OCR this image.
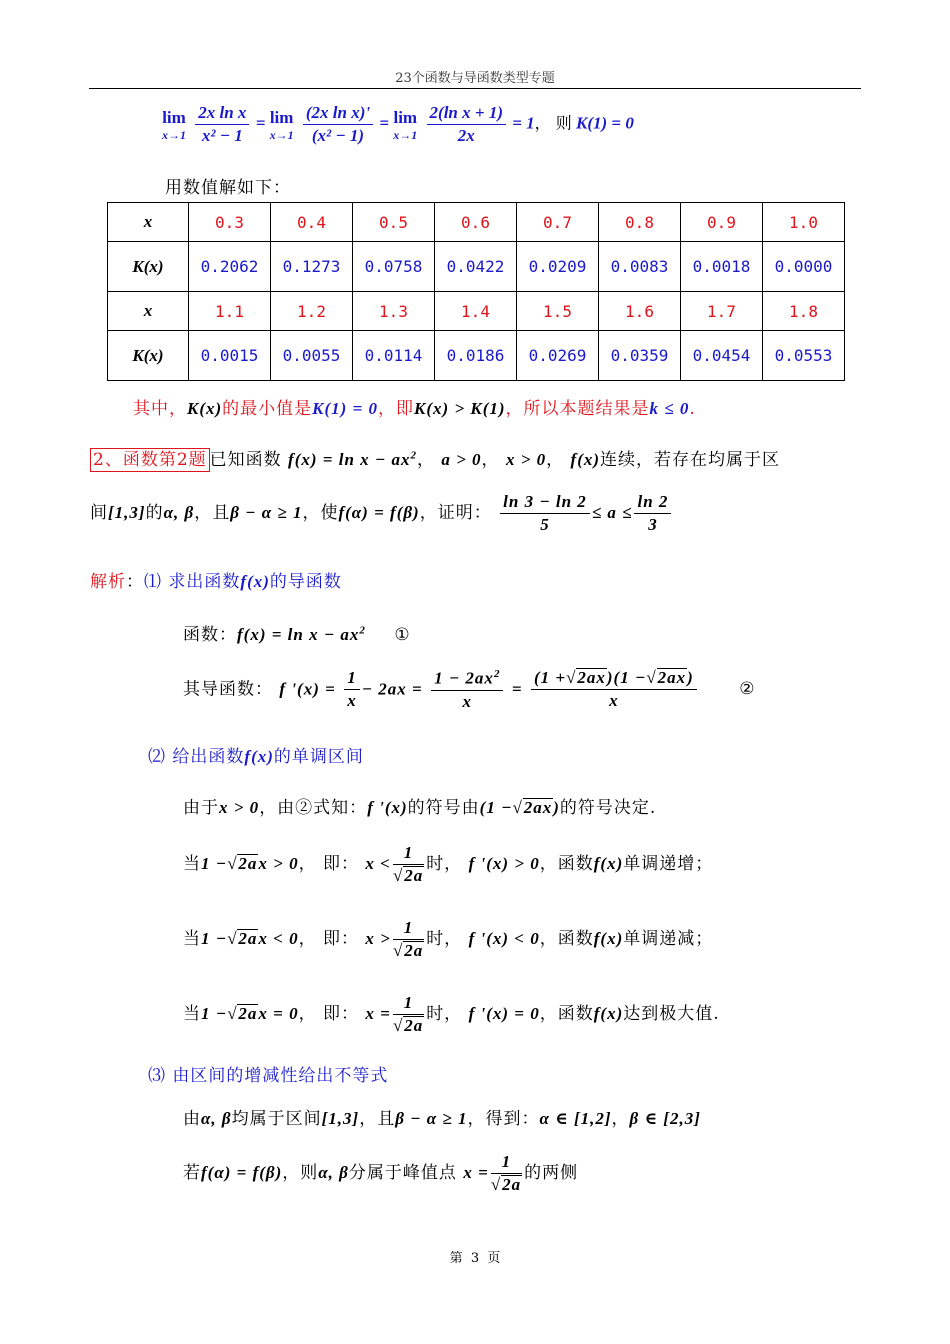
23个函数与导函数类型专题
lim
x→1
$\frac{\text{2x ln x}}{\text{x² − 1}} = \lim$
x→1
$\frac{\text{(2x ln x)'}}{\text{(x² − 1)}} = \lim$
x→1
$\frac{\text{2(ln x + 1)}}{2x} = 1$， 则 K(1) = 0
用数值解如下：
x	0.3	0.4	0.5	0.6	0.7	0.8	0.9	1.0
K(x)	0.2062	0.1273	0.0758	0.0422	0.0209	0.0083	0.0018	0.0000
x	1.1	1.2	1.3	1.4	1.5	1.6	1.7	1.8
K(x)	0.0015	0.0055	0.0114	0.0186	0.0269	0.0359	0.0454	0.0553
其中，K(x)的最小值是K(1) = 0，即K(x) > K(1)，所以本题结果是k ≤ 0.
2、函数第2题 已知函数 $f(x) = \ln x - ax^2$， a > 0， x > 0， f(x)连续，若存在均属于区
间[1,3]的α, β，且β − α ≥ 1，使f(α) = f(β)，证明： $\frac{\ln 3 - \ln 2}{5} \le a \le \frac{\ln 2}{3}$
解析：⑴ 求出函数f(x)的导函数
函数：$f(x) = \ln x - ax^2$ ①
其导函数： f '$(x) = \frac{1}{x} - 2ax = \frac{1 - 2ax^2}{x} = \frac{(1 +√2ax)(1 -√2ax)}{x}$ ②
⑵ 给出函数f(x)的单调区间
由于x > 0，由②式知：f '(x)的符号由(1 −√2ax)的符号决定.
当1 −√2ax > 0， 即： $x < \frac{1}{√2a}$ 时， f '(x) > 0，函数f(x)单调递增；
当1 −√2ax < 0， 即： $x > \frac{1}{√2a}$ 时， f '(x) < 0，函数f(x)单调递减；
当1 −√2ax = 0， 即： $x = \frac{1}{√2a}$ 时， f '(x) = 0，函数f(x)达到极大值.
⑶ 由区间的增减性给出不等式
由α, β均属于区间[1,3]，且β − α ≥ 1，得到：α ∈ [1,2]，β ∈ [2,3]
若f(α) = f(β)，则α, β分属于峰值点 $x = \frac{1}{√2a}$ 的两侧
第  3  页
